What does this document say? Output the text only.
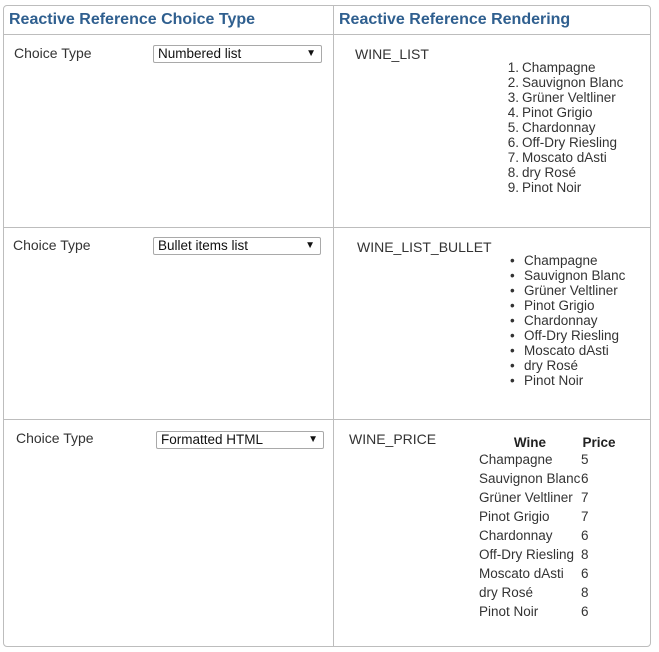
Reactive Reference Choice Type	Reactive Reference Rendering
Choice Type	Numbered list	▼	WINE_LIST
1. Champagne
2. Sauvignon Blanc
3. Grüner Veltliner
4. Pinot Grigio
5. Chardonnay
6. Off-Dry Riesling
7. Moscato dAsti
8. dry Rosé
9. Pinot Noir
Choice Type	Bullet items list	▼	WINE_LIST_BULLET
• Champagne
• Sauvignon Blanc
• Grüner Veltliner
• Pinot Grigio
• Chardonnay
• Off-Dry Riesling
• Moscato dAsti
• dry Rosé
• Pinot Noir
Choice Type	Formatted HTML	▼ WINE_PRICE	Wine	Price
Champagne	5
Sauvignon Blanc	6
Grüner Veltliner	7
Pinot Grigio	7
Chardonnay	6
Off-Dry Riesling	8
Moscato dAsti	6
dry Rosé	8
Pinot Noir	6
